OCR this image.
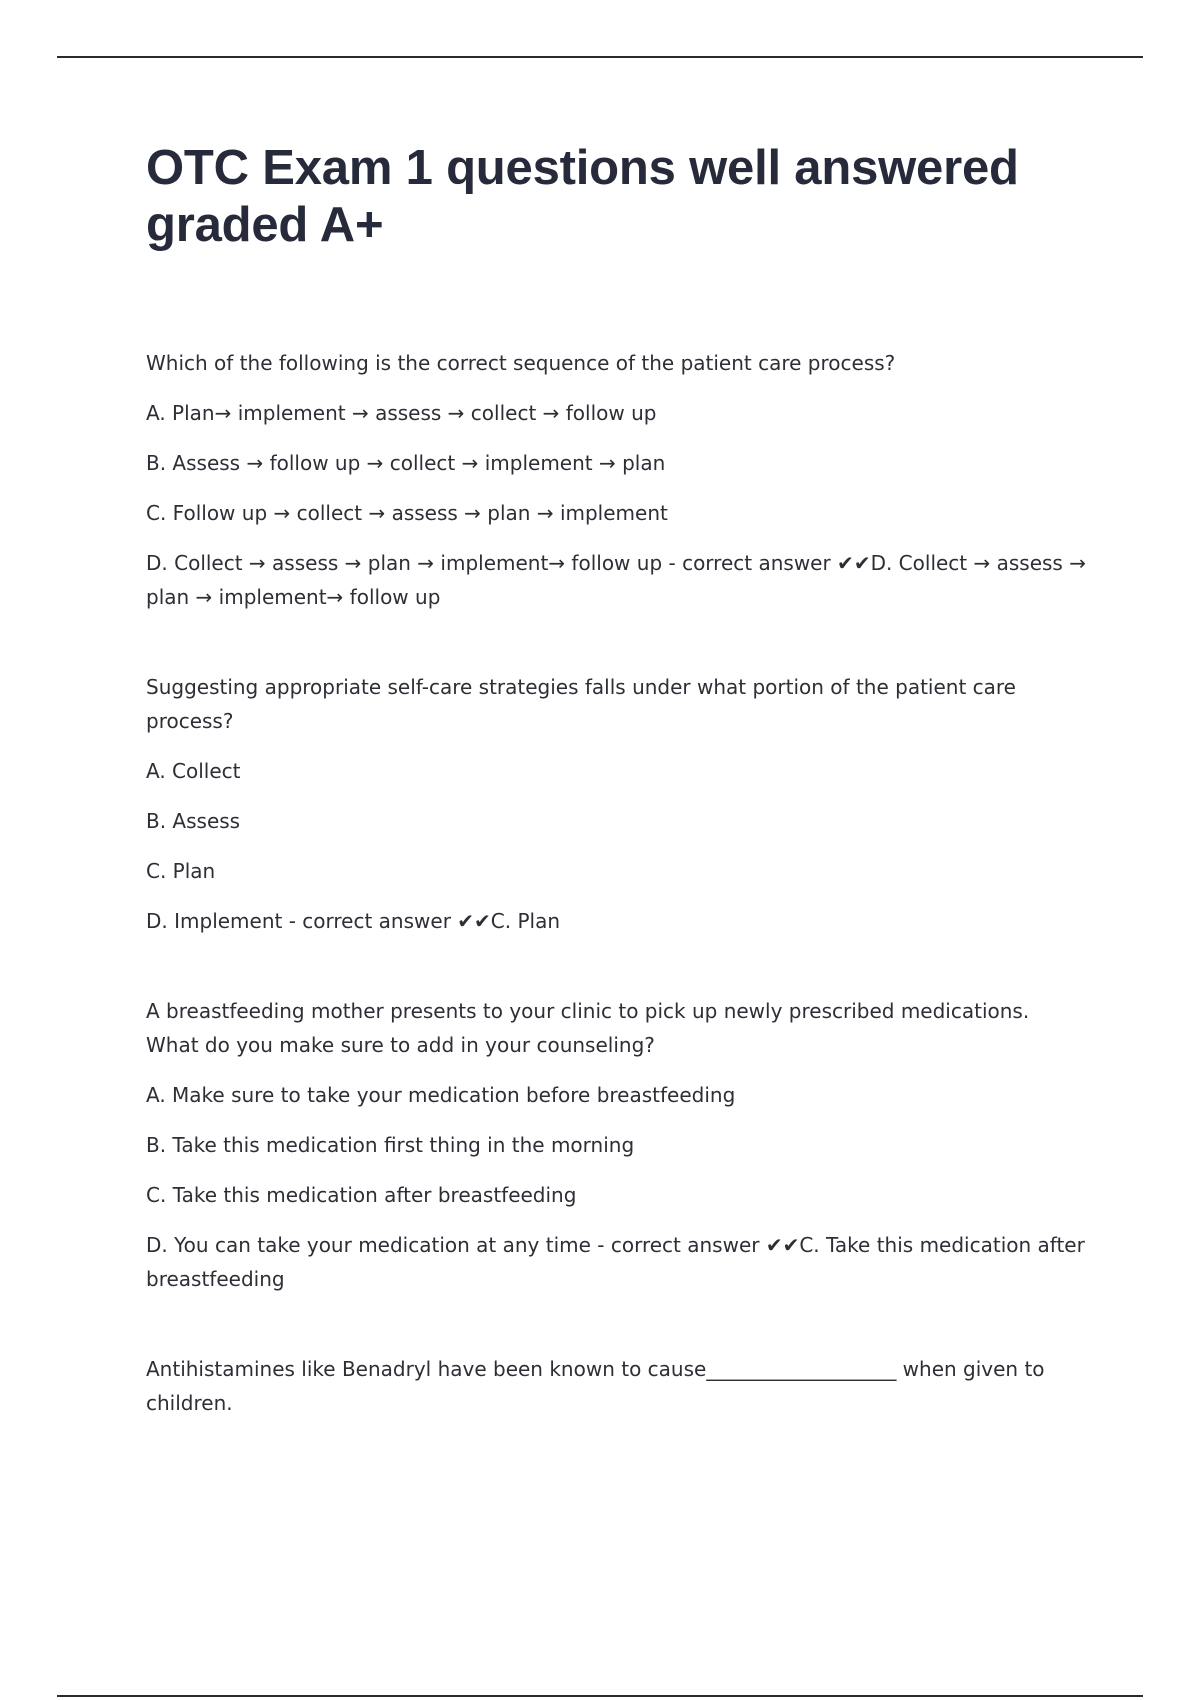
OTC Exam 1 questions well answered graded A+

Which of the following is the correct sequence of the patient care process?

A. Plan→ implement → assess → collect → follow up

B. Assess → follow up → collect → implement → plan

C. Follow up → collect → assess → plan → implement

D. Collect → assess → plan → implement→ follow up - correct answer ✔✔D. Collect → assess → plan → implement→ follow up

Suggesting appropriate self-care strategies falls under what portion of the patient care process?

A. Collect

B. Assess

C. Plan

D. Implement - correct answer ✔✔C. Plan

A breastfeeding mother presents to your clinic to pick up newly prescribed medications. What do you make sure to add in your counseling?

A. Make sure to take your medication before breastfeeding

B. Take this medication first thing in the morning

C. Take this medication after breastfeeding

D. You can take your medication at any time - correct answer ✔✔C. Take this medication after breastfeeding

Antihistamines like Benadryl have been known to cause___________________ when given to children.
